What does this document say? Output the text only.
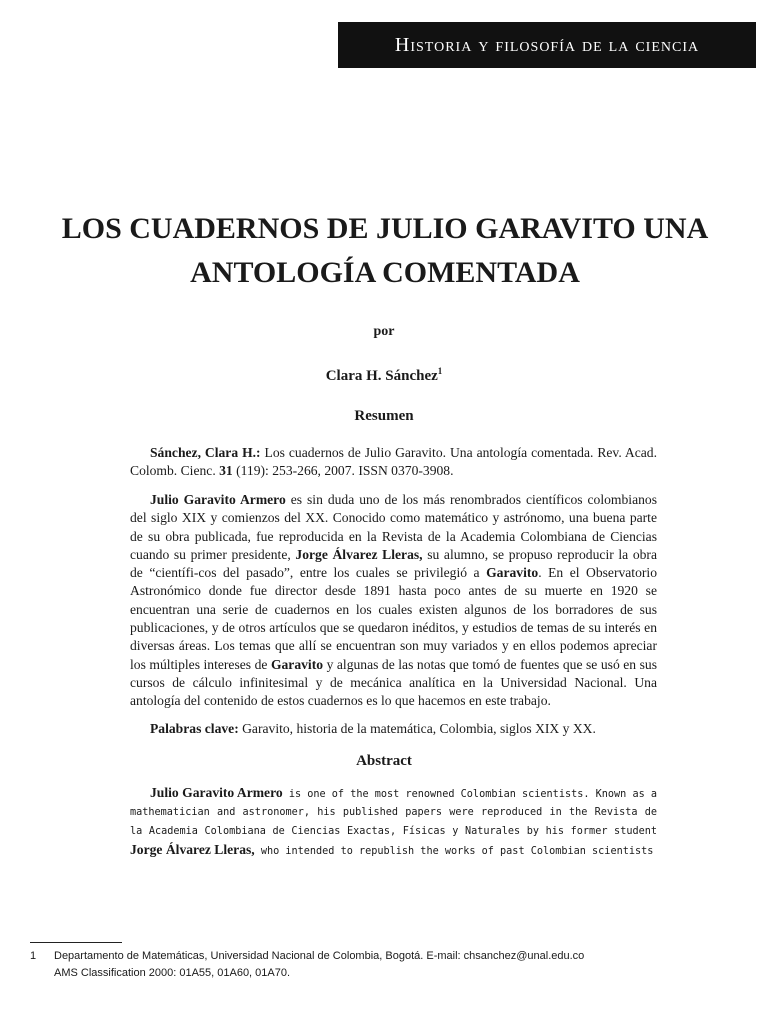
Historia y filosofía de la ciencia
LOS CUADERNOS DE JULIO GARAVITO UNA
ANTOLOGÍA COMENTADA
por
Clara H. Sánchez$^1$
Resumen

Sánchez, Clara H.: Los cuadernos de Julio Garavito. Una antología comentada. Rev. Acad. Colomb. Cienc. 31 (119): 253-266, 2007. ISSN 0370-3908.

Julio Garavito Armero es sin duda uno de los más renombrados científicos colombianos del siglo XIX y comienzos del XX. Conocido como matemático y astrónomo, una buena parte de su obra publicada, fue reproducida en la Revista de la Academia Colombiana de Ciencias cuando su primer presidente, Jorge Álvarez Lleras, su alumno, se propuso reproducir la obra de “científi-cos del pasado”, entre los cuales se privilegió a Garavito. En el Observatorio Astronómico donde fue director desde 1891 hasta poco antes de su muerte en 1920 se encuentran una serie de cuadernos en los cuales existen algunos de los borradores de sus publicaciones, y de otros artículos que se quedaron inéditos, y estudios de temas de su interés en diversas áreas. Los temas que allí se encuentran son muy variados y en ellos podemos apreciar los múltiples intereses de Garavito y algunas de las notas que tomó de fuentes que se usó en sus cursos de cálculo infinitesimal y de mecánica analítica en la Universidad Nacional. Una antología del contenido de estos cuadernos es lo que hacemos en este trabajo.

Palabras clave: Garavito, historia de la matemática, Colombia, siglos XIX y XX.

Abstract

Julio Garavito Armero is one of the most renowned Colombian scientists. Known as a mathematician and astronomer, his published papers were reproduced in the Revista de la Academia Colombiana de Ciencias Exactas, Físicas y Naturales by his former student Jorge Álvarez Lleras, who intended to republish the works of past Colombian scientists

1 Departamento de Matemáticas, Universidad Nacional de Colombia, Bogotá. E-mail: chsanchez@unal.edu.co
AMS Classification 2000: 01A55, 01A60, 01A70.
